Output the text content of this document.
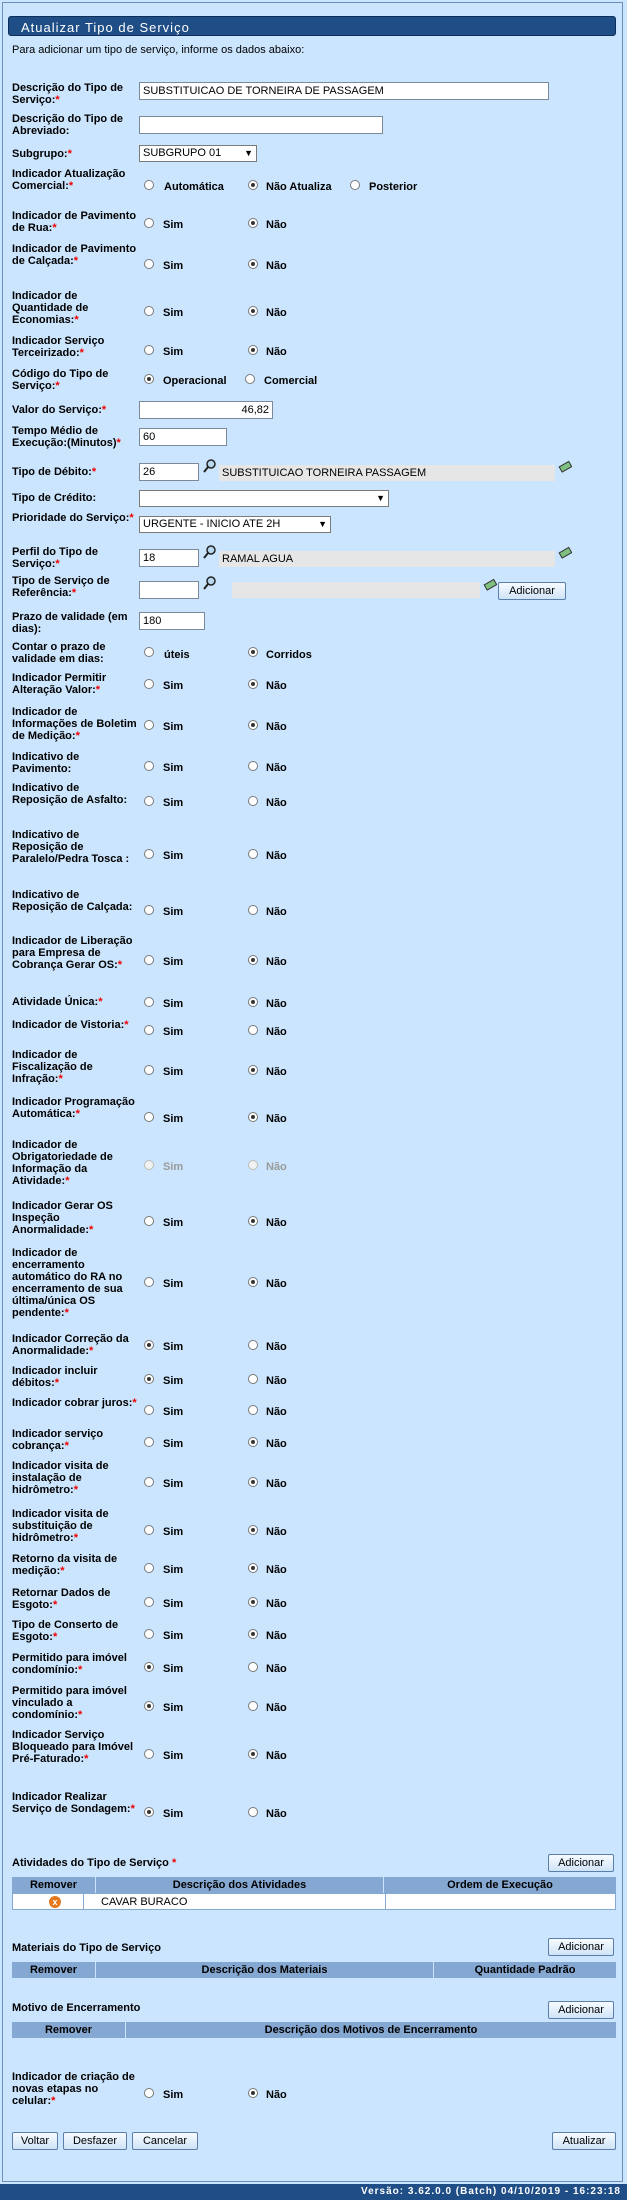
Atualizar Tipo de Serviço
Para adicionar um tipo de serviço, informe os dados abaixo:
Descrição do Tipo de Serviço:*
SUBSTITUICAO DE TORNEIRA DE PASSAGEM
Descrição do Tipo de Abreviado:
Subgrupo:*	SUBGRUPO 01	▼
Indicador Atualização Comercial:*	Automática	Não Atualiza	Posterior
Código do Tipo de Serviço:*	Operacional	Comercial
Valor do Serviço:*
46,82
Tempo Médio de Execução:(Minutos)*
60
Tipo de Débito:*
26	SUBSTITUICAO TORNEIRA PASSAGEM
Tipo de Crédito:	▼
Prioridade do Serviço:* URGENTE - INICIO ATE 2H	▼
Perfil do Tipo de Serviço:*
18	RAMAL AGUA
Tipo de Serviço de Referência:*	Adicionar
Prazo de validade (em dias):
180
Contar o prazo de validade em dias:	úteis	Corridos
Indicador de Pavimento de Rua:*	Sim	Não
Indicador de Pavimento de Calçada:*	Sim	Não
Indicador de Quantidade de Economias:*
Sim	Não
Indicador Serviço Terceirizado:*	Sim	Não
Indicador Permitir Alteração Valor:*	Sim	Não
Indicador de Informações de Boletim de Medição:*
Sim	Não
Indicativo de Pavimento:	Sim	Não
Indicativo de Reposição de Asfalto:	Sim	Não
Indicativo de Reposição de Paralelo/Pedra Tosca :	Sim	Não
Indicativo de Reposição de Calçada:	Sim	Não
Indicador de Liberação para Empresa de Cobrança Gerar OS:*	Sim	Não
Atividade Única:*	Sim	Não
Indicador de Vistoria:*
Sim	Não
Indicador de Fiscalização de Infração:*
Sim	Não
Indicador Programação Automática:*	Sim	Não
Indicador de Obrigatoriedade de Informação da Atividade:*
Sim	Não
Indicador Gerar OS Inspeção Anormalidade:*
Sim	Não
Indicador de encerramento automático do RA no encerramento de sua última/única OS pendente:*
Sim	Não
Indicador Correção da Anormalidade:*	Sim	Não
Indicador incluir débitos:*	Sim	Não
Indicador cobrar juros:*
Sim	Não
Indicador serviço cobrança:*	Sim	Não
Indicador visita de instalação de hidrômetro:*	Sim	Não
Indicador visita de substituição de hidrômetro:*	Sim	Não
Retorno da visita de medição:*	Sim	Não
Retornar Dados de Esgoto:*	Sim	Não
Tipo de Conserto de Esgoto:*	Sim	Não
Permitido para imóvel condomínio:*	Sim	Não
Permitido para imóvel vinculado a condomínio:*
Sim	Não
Indicador Serviço Bloqueado para Imóvel Pré-Faturado:*	Sim	Não
Indicador Realizar Serviço de Sondagem:*	Sim	Não
Atividades do Tipo de Serviço *	Adicionar
Remover	Descrição dos Atividades	Ordem de Execução
x	CAVAR BURACO
Materiais do Tipo de Serviço	Adicionar
Remover	Descrição dos Materiais	Quantidade Padrão
Motivo de Encerramento	Adicionar
Remover	Descrição dos Motivos de Encerramento
Indicador de criação de novas etapas no celular:*	Sim	Não
Voltar	Desfazer	Cancelar	Atualizar
Versão: 3.62.0.0 (Batch) 04/10/2019 - 16:23:18
